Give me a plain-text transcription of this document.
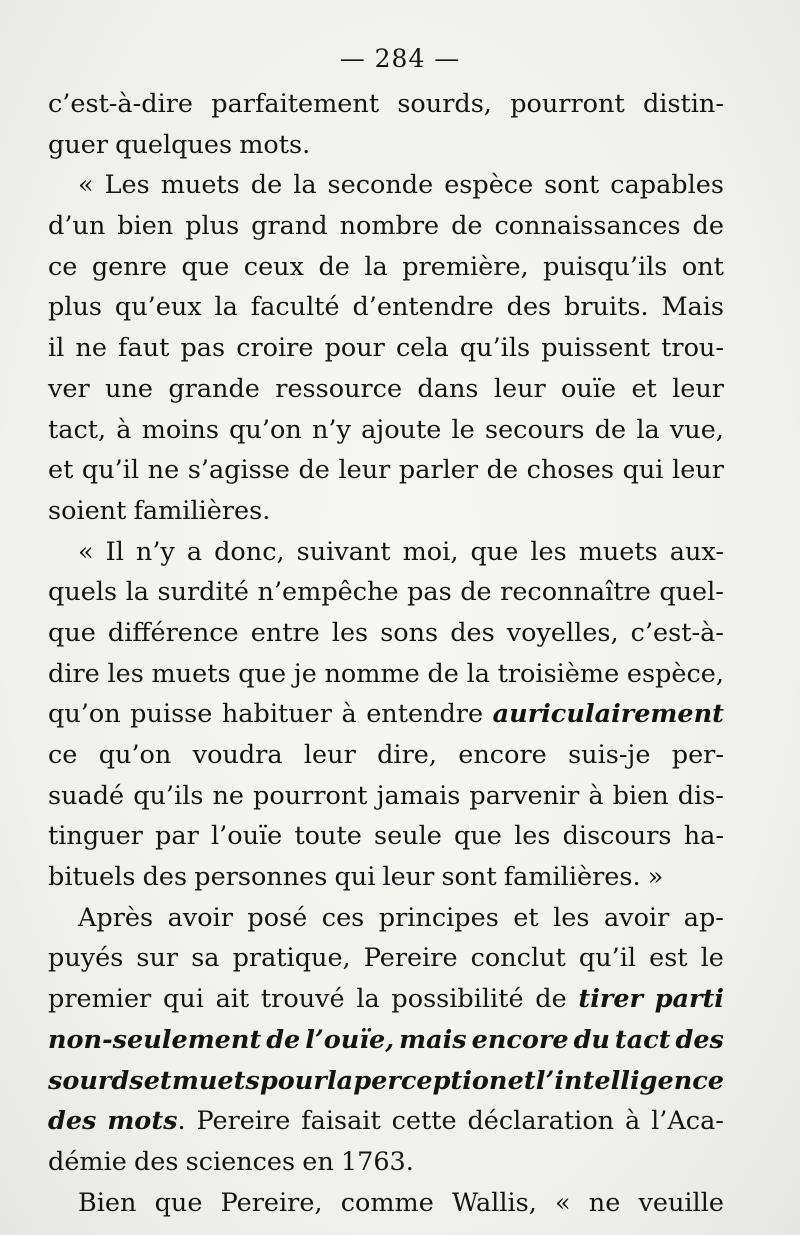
— 284 —
c’est-à-dire parfaitement sourds, pourront distin-
guer quelques mots.
« Les muets de la seconde espèce sont capables
d’un bien plus grand nombre de connaissances de
ce genre que ceux de la première, puisqu’ils ont
plus qu’eux la faculté d’entendre des bruits. Mais
il ne faut pas croire pour cela qu’ils puissent trou-
ver une grande ressource dans leur ouïe et leur
tact, à moins qu’on n’y ajoute le secours de la vue,
et qu’il ne s’agisse de leur parler de choses qui leur
soient familières.
« Il n’y a donc, suivant moi, que les muets aux-
quels la surdité n’empêche pas de reconnaître quel-
que différence entre les sons des voyelles, c’est-à-
dire les muets que je nomme de la troisième espèce,
qu’on puisse habituer à entendre auriculairement
ce qu’on voudra leur dire, encore suis-je per-
suadé qu’ils ne pourront jamais parvenir à bien dis-
tinguer par l’ouïe toute seule que les discours ha-
bituels des personnes qui leur sont familières. »
Après avoir posé ces principes et les avoir ap-
puyés sur sa pratique, Pereire conclut qu’il est le
premier qui ait trouvé la possibilité de tirer parti
non-seulement de l’ouïe, mais encore du tact des
sourds et muets pour la perception et l’intelligence
des mots. Pereire faisait cette déclaration à l’Aca-
démie des sciences en 1763.
Bien que Pereire, comme Wallis, « ne veuille
